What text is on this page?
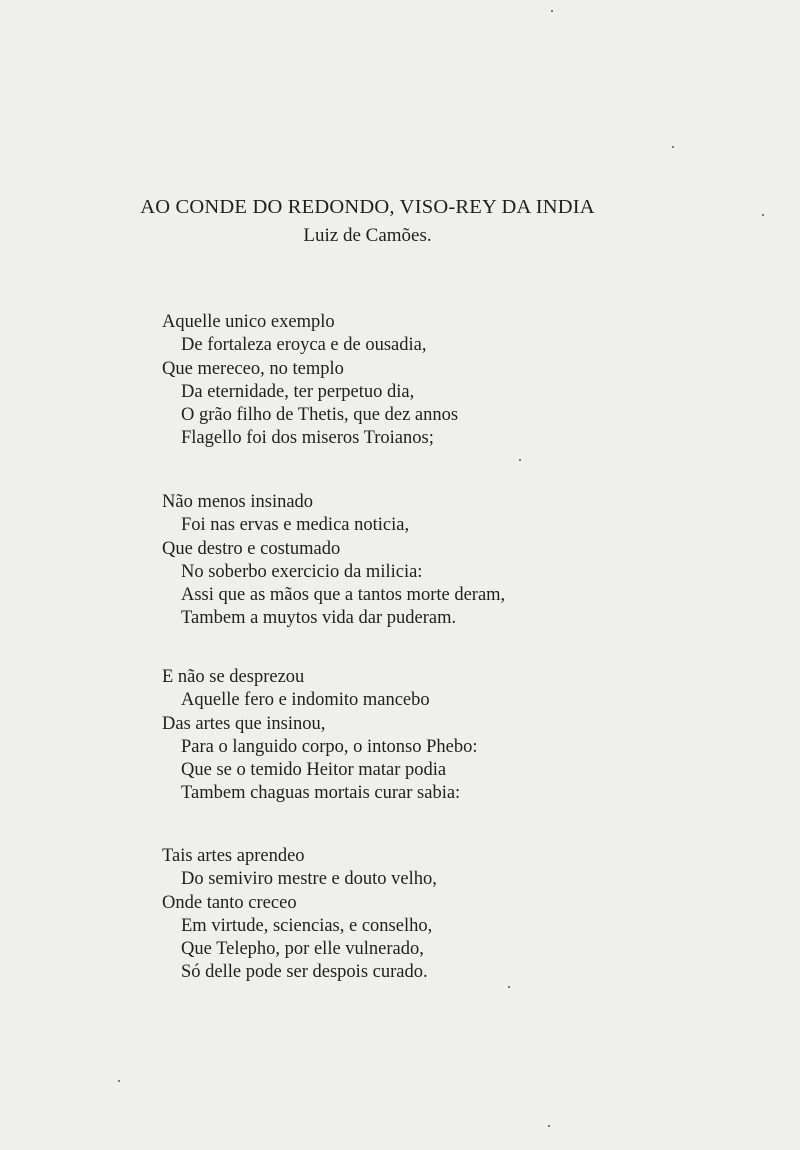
AO CONDE DO REDONDO, VISO-REY DA INDIA
Luiz de Camões.
Aquelle unico exemplo
De fortaleza eroyca e de ousadia,
Que mereceo, no templo
Da eternidade, ter perpetuo dia,
O grão filho de Thetis, que dez annos
Flagello foi dos miseros Troianos;
Não menos insinado
Foi nas ervas e medica noticia,
Que destro e costumado
No soberbo exercicio da milicia:
Assi que as mãos que a tantos morte deram,
Tambem a muytos vida dar puderam.
E não se desprezou
Aquelle fero e indomito mancebo
Das artes que insinou,
Para o languido corpo, o intonso Phebo:
Que se o temido Heitor matar podia
Tambem chaguas mortais curar sabia:
Tais artes aprendeo
Do semiviro mestre e douto velho,
Onde tanto creceo
Em virtude, sciencias, e conselho,
Que Telepho, por elle vulnerado,
Só delle pode ser despois curado.
